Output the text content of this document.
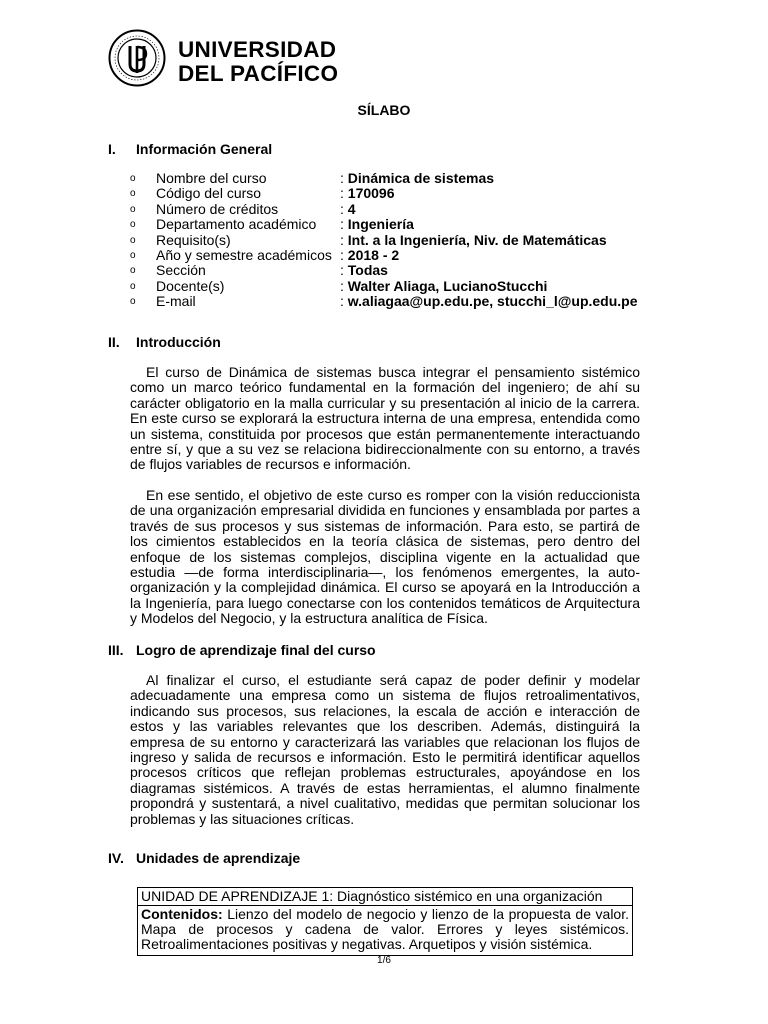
UNIVERSIDAD
DEL PACÍFICO
SÍLABO
I. Información General
o Nombre del curso	: Dinámica de sistemas
o Código del curso	: 170096
o Número de créditos	: 4
o Departamento académico	: Ingeniería
o Requisito(s)	: Int. a la Ingeniería, Niv. de Matemáticas
o Año y semestre académicos	: 2018 - 2
o Sección	: Todas
o Docente(s)	: Walter Aliaga, LucianoStucchi
o E-mail	: w.aliagaa@up.edu.pe, stucchi_l@up.edu.pe
II. Introducción

El curso de Dinámica de sistemas busca integrar el pensamiento sistémico como un marco teórico fundamental en la formación del ingeniero; de ahí su carácter obligatorio en la malla curricular y su presentación al inicio de la carrera. En este curso se explorará la estructura interna de una empresa, entendida como un sistema, constituida por procesos que están permanentemente interactuando entre sí, y que a su vez se relaciona bidireccionalmente con su entorno, a través de flujos variables de recursos e información.

En ese sentido, el objetivo de este curso es romper con la visión reduccionista de una organización empresarial dividida en funciones y ensamblada por partes a través de sus procesos y sus sistemas de información. Para esto, se partirá de los cimientos establecidos en la teoría clásica de sistemas, pero dentro del enfoque de los sistemas complejos, disciplina vigente en la actualidad que estudia —de forma interdisciplinaria—, los fenómenos emergentes, la auto-organización y la complejidad dinámica. El curso se apoyará en la Introducción a la Ingeniería, para luego conectarse con los contenidos temáticos de Arquitectura y Modelos del Negocio, y la estructura analítica de Física.

III. Logro de aprendizaje final del curso

Al finalizar el curso, el estudiante será capaz de poder definir y modelar adecuadamente una empresa como un sistema de flujos retroalimentativos, indicando sus procesos, sus relaciones, la escala de acción e interacción de estos y las variables relevantes que los describen. Además, distinguirá la empresa de su entorno y caracterizará las variables que relacionan los flujos de ingreso y salida de recursos e información. Esto le permitirá identificar aquellos procesos críticos que reflejan problemas estructurales, apoyándose en los diagramas sistémicos. A través de estas herramientas, el alumno finalmente propondrá y sustentará, a nivel cualitativo, medidas que permitan solucionar los problemas y las situaciones críticas.

IV. Unidades de aprendizaje
UNIDAD DE APRENDIZAJE 1: Diagnóstico sistémico en una organización
Contenidos: Lienzo del modelo de negocio y lienzo de la propuesta de valor. Mapa de procesos y cadena de valor. Errores y leyes sistémicos. Retroalimentaciones positivas y negativas. Arquetipos y visión sistémica.
1/6
